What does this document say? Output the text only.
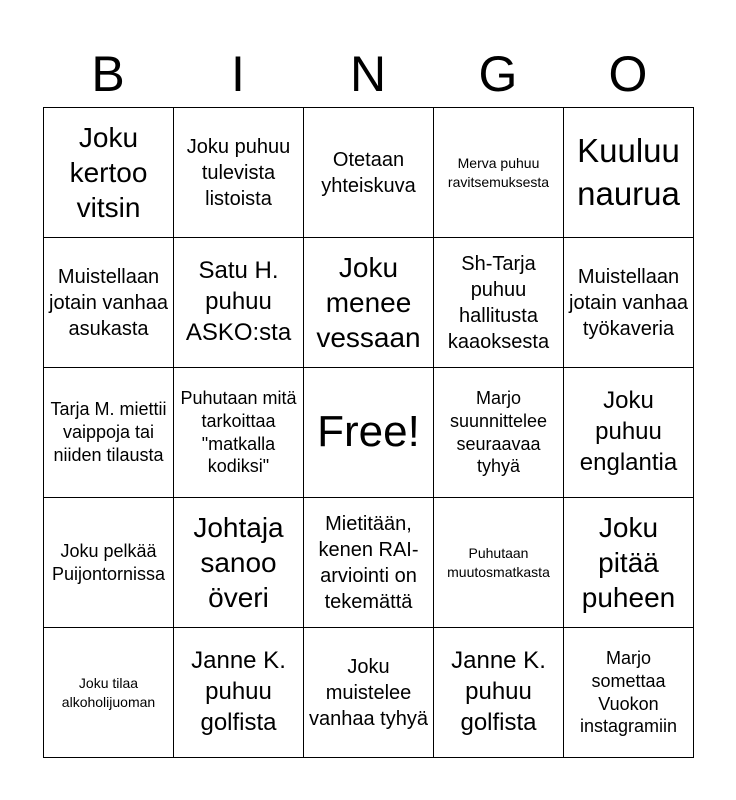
B	I	N	G	O
Joku kertoo vitsin	Joku puhuu tulevista listoista	Otetaan yhteiskuva	Merva puhuu ravitsemuksesta	Kuuluu naurua
Muistellaan jotain vanhaa asukasta	Satu H. puhuu ASKO:sta	Joku menee vessaan	Sh-Tarja puhuu hallitusta kaaoksesta	Muistellaan jotain vanhaa työkaveria
Tarja M. miettii vaippoja tai niiden tilausta	Puhutaan mitä tarkoittaa "matkalla kodiksi"	Free!	Marjo suunnittelee seuraavaa tyhyä	Joku puhuu englantia
Joku pelkää Puijontornissa	Johtaja sanoo över​i	Mietitään, kenen RAI-arviointi on tekemättä	Puhutaan muutosmatkasta	Joku pitää puheen
Joku tilaa alkoholijuoman	Janne K. puhuu golfista	Joku muistelee vanhaa tyhyä	Janne K. puhuu golfista	Marjo somettaa Vuokon instagramiin
